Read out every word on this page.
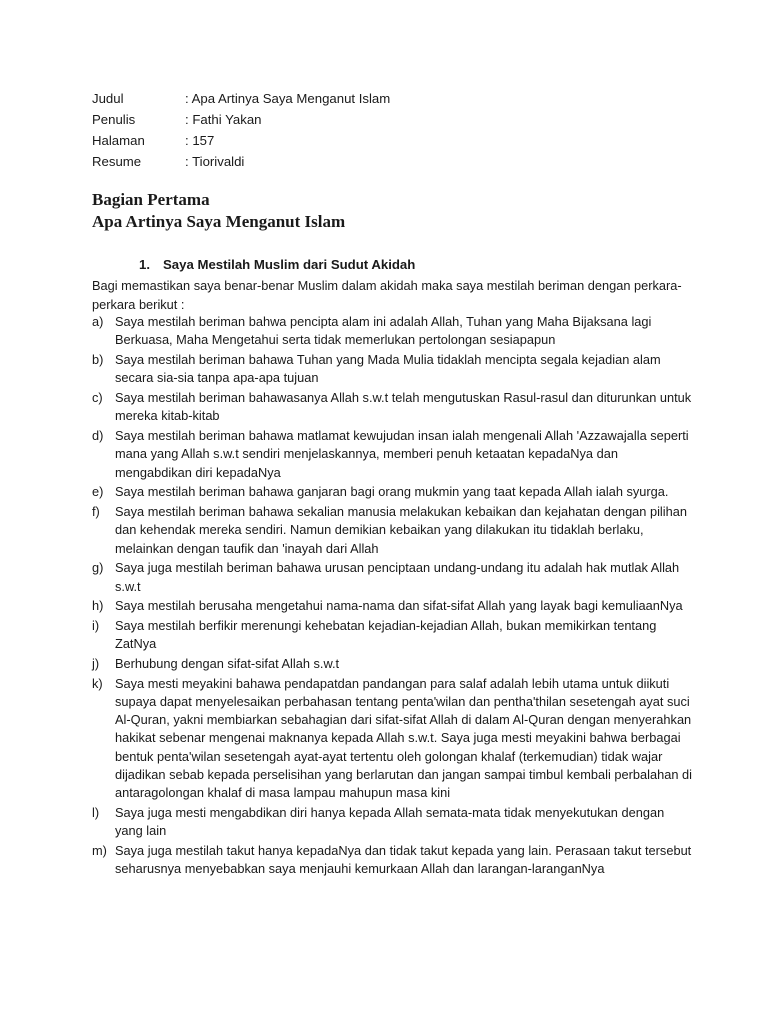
Judul	: Apa Artinya Saya Menganut Islam
Penulis	: Fathi Yakan
Halaman	: 157
Resume	: Tiorivaldi
Bagian Pertama
Apa Artinya Saya Menganut Islam
1. Saya Mestilah Muslim dari Sudut Akidah
Bagi memastikan saya benar-benar Muslim dalam akidah maka saya mestilah beriman dengan perkara-perkara berikut :
a) Saya mestilah beriman bahwa pencipta alam ini adalah Allah, Tuhan yang Maha Bijaksana lagi Berkuasa, Maha Mengetahui serta tidak memerlukan pertolongan sesiapapun
b) Saya mestilah beriman bahawa Tuhan yang Mada Mulia tidaklah mencipta segala kejadian alam secara sia-sia tanpa apa-apa tujuan
c) Saya mestilah beriman bahawasanya Allah s.w.t telah mengutuskan Rasul-rasul dan diturunkan untuk mereka kitab-kitab
d) Saya mestilah beriman bahawa matlamat kewujudan insan ialah mengenali Allah 'Azzawajalla seperti mana yang Allah s.w.t sendiri menjelaskannya, memberi penuh ketaatan kepadaNya dan mengabdikan diri kepadaNya
e) Saya mestilah beriman bahawa ganjaran bagi orang mukmin yang taat kepada Allah ialah syurga.
f) Saya mestilah beriman bahawa sekalian manusia melakukan kebaikan dan kejahatan dengan pilihan dan kehendak mereka sendiri. Namun demikian kebaikan yang dilakukan itu tidaklah berlaku, melainkan dengan taufik dan 'inayah dari Allah
g) Saya juga mestilah beriman bahawa urusan penciptaan undang-undang itu adalah hak mutlak Allah s.w.t
h) Saya mestilah berusaha mengetahui nama-nama dan sifat-sifat Allah yang layak bagi kemuliaanNya
i) Saya mestilah berfikir merenungi kehebatan kejadian-kejadian Allah, bukan memikirkan tentang ZatNya
j) Berhubung dengan sifat-sifat Allah s.w.t
k) Saya mesti meyakini bahawa pendapatdan pandangan para salaf adalah lebih utama untuk diikuti supaya dapat menyelesaikan perbahasan tentang penta'wilan dan pentha'thilan sesetengah ayat suci Al-Quran, yakni membiarkan sebahagian dari sifat-sifat Allah di dalam Al-Quran dengan menyerahkan hakikat sebenar mengenai maknanya kepada Allah s.w.t. Saya juga mesti meyakini bahwa berbagai bentuk penta'wilan sesetengah ayat-ayat tertentu oleh golongan khalaf (terkemudian) tidak wajar dijadikan sebab kepada perselisihan yang berlarutan dan jangan sampai timbul kembali perbalahan di antaragolongan khalaf di masa lampau mahupun masa kini
l) Saya juga mesti mengabdikan diri hanya kepada Allah semata-mata tidak menyekutukan dengan yang lain
m) Saya juga mestilah takut hanya kepadaNya dan tidak takut kepada yang lain. Perasaan takut tersebut seharusnya menyebabkan saya menjauhi kemurkaan Allah dan larangan-laranganNya
